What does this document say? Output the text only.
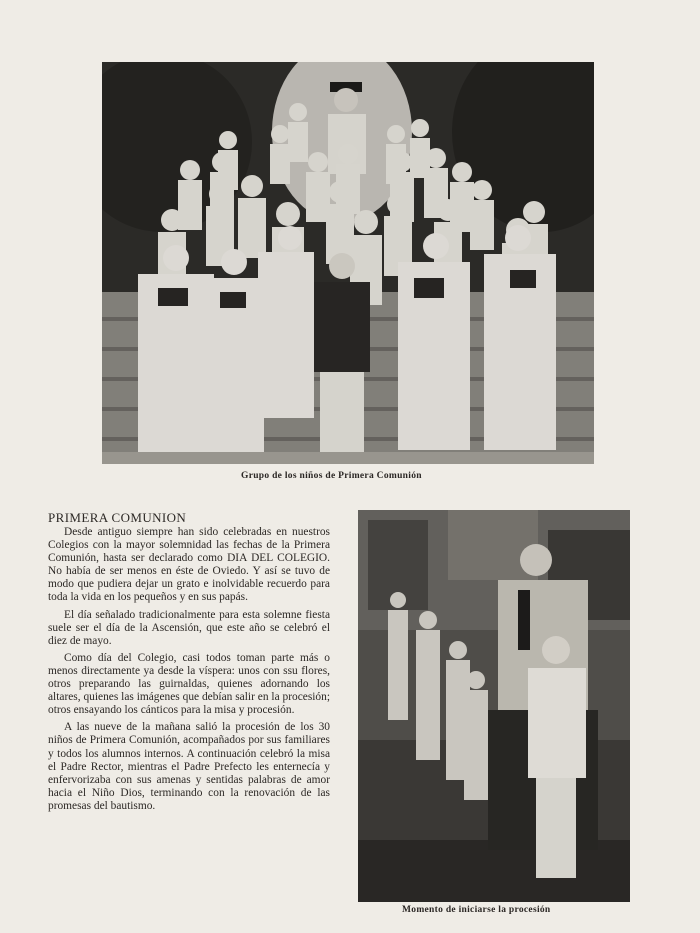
Grupo de los niños de Primera Comunión
PRIMERA COMUNION

Desde antiguo siempre han sido celebradas en nuestros Colegios con la mayor solemnidad las fechas de la Primera Comunión, hasta ser declarado como DIA DEL COLEGIO. No había de ser menos en éste de Oviedo. Y así se tuvo de modo que pudiera dejar un grato e inolvidable recuerdo para toda la vida en los pequeños y en sus papás.

El día señalado tradicionalmente para esta solemne fiesta suele ser el día de la Ascensión, que este año se celebró el diez de mayo.

Como día del Colegio, casi todos toman parte más o menos directamente ya desde la víspera: unos con ssu flores, otros preparando las guirnaldas, quienes adornando los altares, quienes las imágenes que debían salir en la procesión; otros ensayando los cánticos para la misa y procesión.

A las nueve de la mañana salió la procesión de los 30 niños de Primera Comunión, acompañados por sus familiares y todos los alumnos internos. A continuación celebró la misa el Padre Rector, mientras el Padre Prefecto les enternecía y enfervorizaba con sus amenas y sentidas palabras de amor hacia el Niño Dios, terminando con la renovación de las promesas del bautismo.

Momento de iniciarse la procesión
